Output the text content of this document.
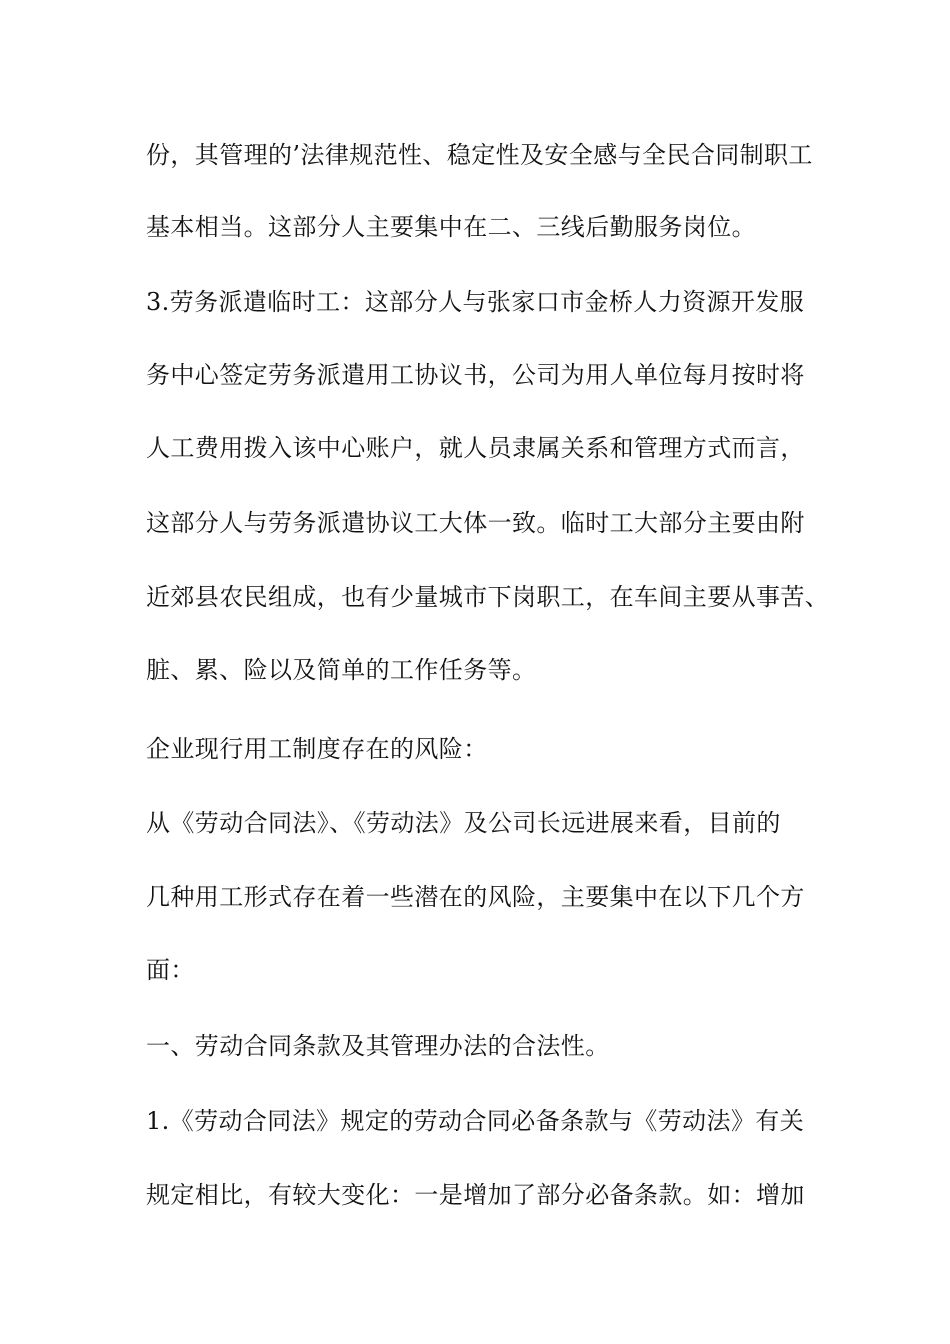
份，其管理的’法律规范性、稳定性及安全感与全民合同制职工
基本相当。这部分人主要集中在二、三线后勤服务岗位。
3.劳务派遣临时工：这部分人与张家口市金桥人力资源开发服
务中心签定劳务派遣用工协议书，公司为用人单位每月按时将
人工费用拨入该中心账户，就人员隶属关系和管理方式而言，
这部分人与劳务派遣协议工大体一致。临时工大部分主要由附
近郊县农民组成，也有少量城市下岗职工，在车间主要从事苦、
脏、累、险以及简单的工作任务等。
企业现行用工制度存在的风险：
从《劳动合同法》、《劳动法》及公司长远进展来看，目前的
几种用工形式存在着一些潜在的风险，主要集中在以下几个方
面：
一、劳动合同条款及其管理办法的合法性。
1.《劳动合同法》规定的劳动合同必备条款与《劳动法》有关
规定相比，有较大变化：一是增加了部分必备条款。如：增加
